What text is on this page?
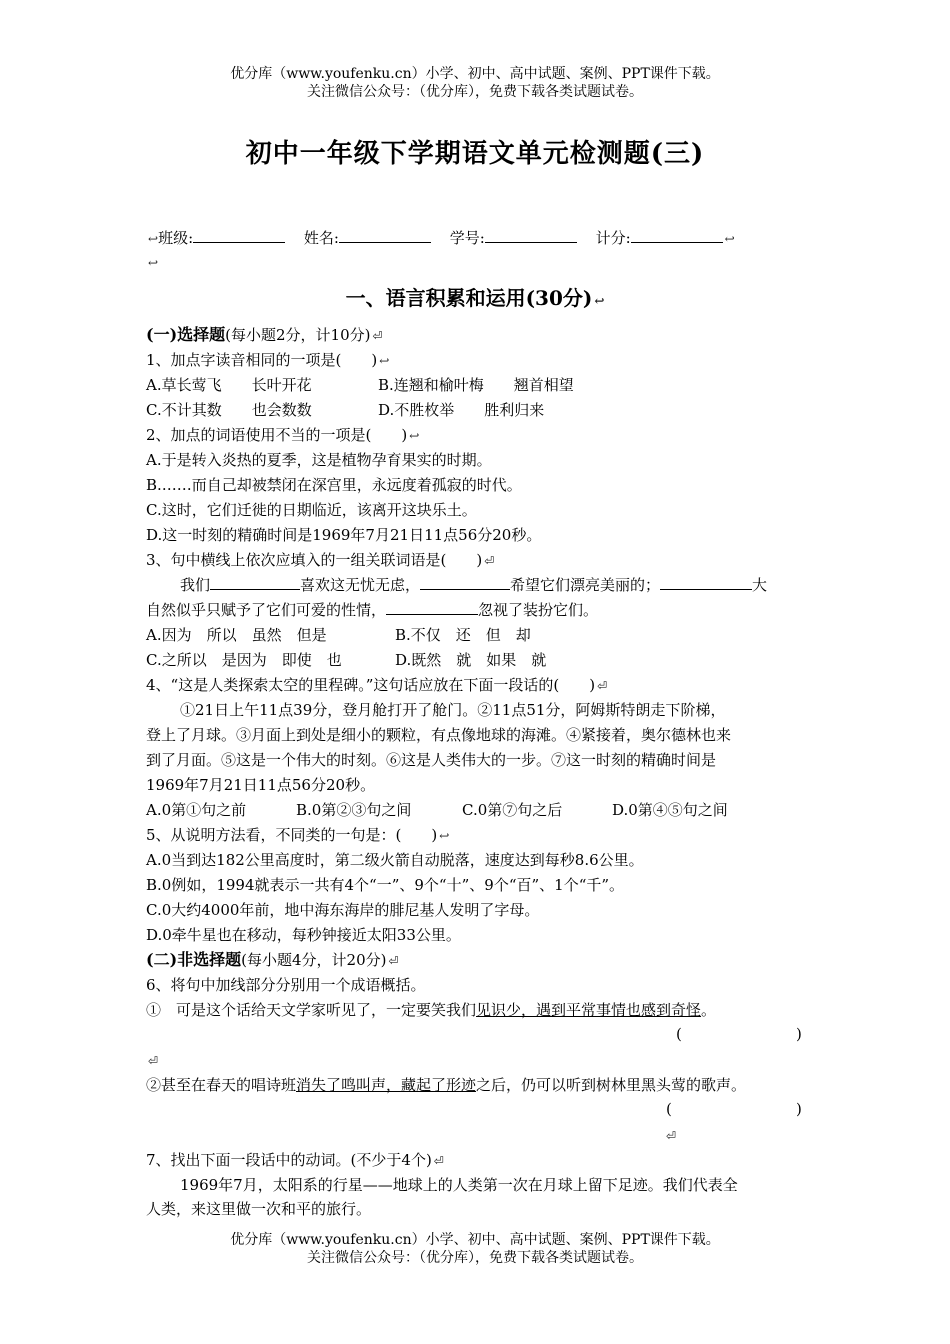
优分库（www.youfenku.cn）小学、初中、高中试题、案例、PPT课件下载。
关注微信公众号：（优分库），免费下载各类试题试卷。
初中一年级下学期语文单元检测题(三)
↩班级:	姓名:	学号:	计分:	↩
↩
一、语言积累和运用(30分) ↩
(一)选择题(每小题2分，计10分) ⏎
1、加点字读音相同的一项是(　　) ↩
A.草长莺飞　　长叶开花	B.连翘和榆叶梅　　翘首相望
C.不计其数　　也会数数	D.不胜枚举　　胜利归来
2、加点的词语使用不当的一项是(　　) ↩
A.于是转入炎热的夏季，这是植物孕育果实的时期。
B.……而自己却被禁闭在深宫里，永远度着孤寂的时代。
C.这时，它们迁徙的日期临近，该离开这块乐土。
D.这一时刻的精确时间是1969年7月21日11点56分20秒。
3、句中横线上依次应填入的一组关联词语是(　　) ⏎
我们	喜欢这无忧无虑，	希望它们漂亮美丽的；	大
自然似乎只赋予了它们可爱的性情，	忽视了装扮它们。
A.因为　所以　虽然　但是	B.不仅　还　但　却
C.之所以　是因为　即使　也	D.既然　就　如果　就
4、“这是人类探索太空的里程碑。”这句话应放在下面一段话的(　　) ⏎
①21日上午11点39分，登月舱打开了舱门。②11点51分，阿姆斯特朗走下阶梯，
登上了月球。③月面上到处是细小的颗粒，有点像地球的海滩。④紧接着，奥尔德林也来
到了月面。⑤这是一个伟大的时刻。⑥这是人类伟大的一步。⑦这一时刻的精确时间是
1969年7月21日11点56分20秒。
A.0第①句之前	B.0第②③句之间	C.0第⑦句之后	D.0第④⑤句之间
5、从说明方法看，不同类的一句是：(　　) ↩
A.0当到达182公里高度时，第二级火箭自动脱落，速度达到每秒8.6公里。
B.0例如，1994就表示一共有4个“一”、9个“十”、9个“百”、1个“千”。
C.0大约4000年前，地中海东海岸的腓尼基人发明了字母。
D.0牵牛星也在移动，每秒钟接近太阳33公里。
(二)非选择题(每小题4分，计20分) ⏎
6、将句中加线部分分别用一个成语概括。
①　可是这个话给天文学家听见了，一定要笑我们见识少，遇到平常事情也感到奇怪。
(	)
⏎
②甚至在春天的唱诗班消失了鸣叫声，藏起了形迹之后，仍可以听到树林里黑头莺的歌声。
(	)
⏎
7、找出下面一段话中的动词。(不少于4个) ⏎
1969年7月，太阳系的行星——地球上的人类第一次在月球上留下足迹。我们代表全
人类，来这里做一次和平的旅行。
优分库（www.youfenku.cn）小学、初中、高中试题、案例、PPT课件下载。
关注微信公众号：（优分库），免费下载各类试题试卷。
